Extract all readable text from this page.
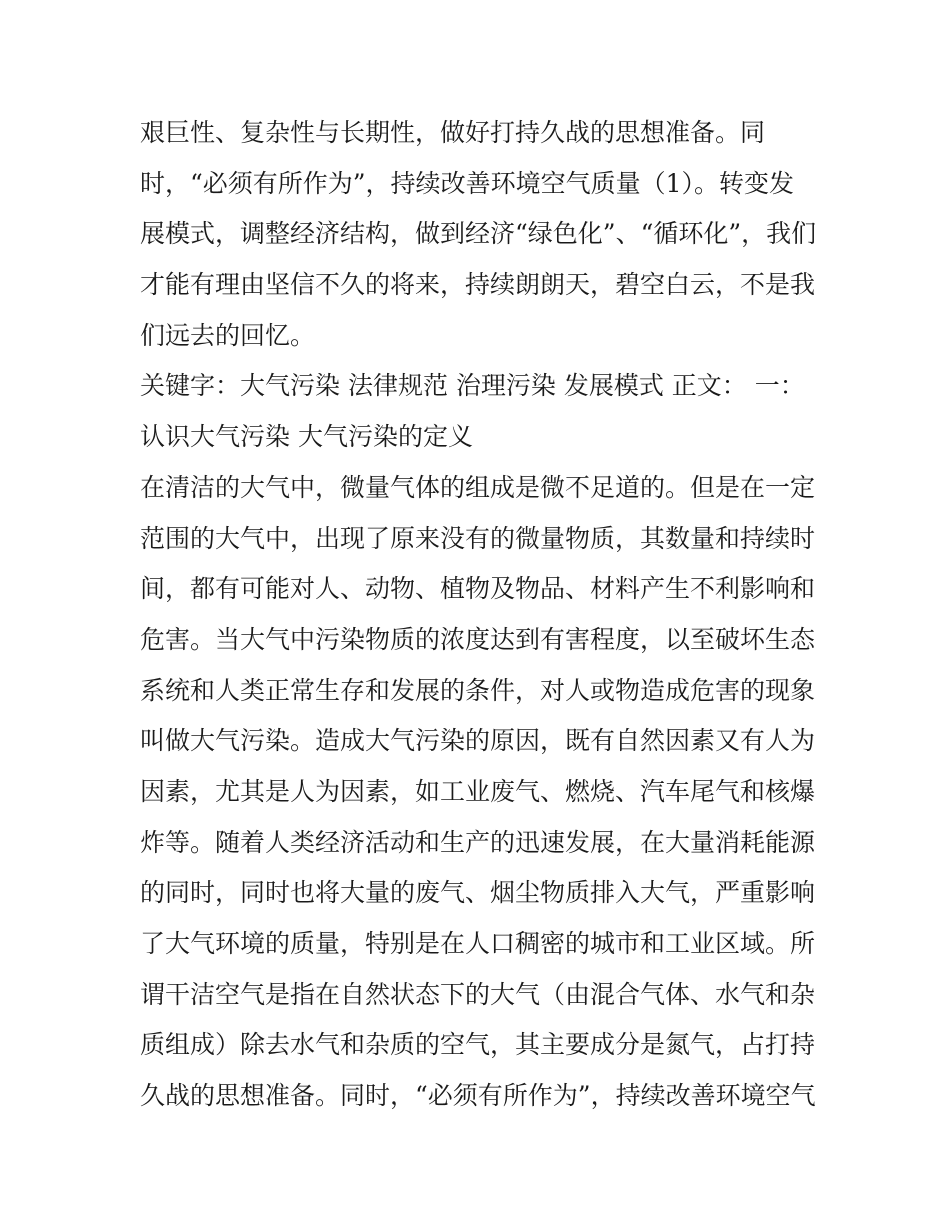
艰巨性、复杂性与长期性，做好打持久战的思想准备。同
时，“必须有所作为”，持续改善环境空气质量（1）。转变发
展模式，调整经济结构，做到经济“绿色化”、“循环化”，我们
才能有理由坚信不久的将来，持续朗朗天，碧空白云，不是我
们远去的回忆。
关键字：大气污染 法律规范 治理污染 发展模式 正文： 一：
认识大气污染 大气污染的定义
在清洁的大气中，微量气体的组成是微不足道的。但是在一定
范围的大气中，出现了原来没有的微量物质，其数量和持续时
间，都有可能对人、动物、植物及物品、材料产生不利影响和
危害。当大气中污染物质的浓度达到有害程度，以至破坏生态
系统和人类正常生存和发展的条件，对人或物造成危害的现象
叫做大气污染。造成大气污染的原因，既有自然因素又有人为
因素，尤其是人为因素，如工业废气、燃烧、汽车尾气和核爆
炸等。随着人类经济活动和生产的迅速发展，在大量消耗能源
的同时，同时也将大量的废气、烟尘物质排入大气，严重影响
了大气环境的质量，特别是在人口稠密的城市和工业区域。所
谓干洁空气是指在自然状态下的大气（由混合气体、水气和杂
质组成）除去水气和杂质的空气，其主要成分是氮气，占打持
久战的思想准备。同时，“必须有所作为”，持续改善环境空气
